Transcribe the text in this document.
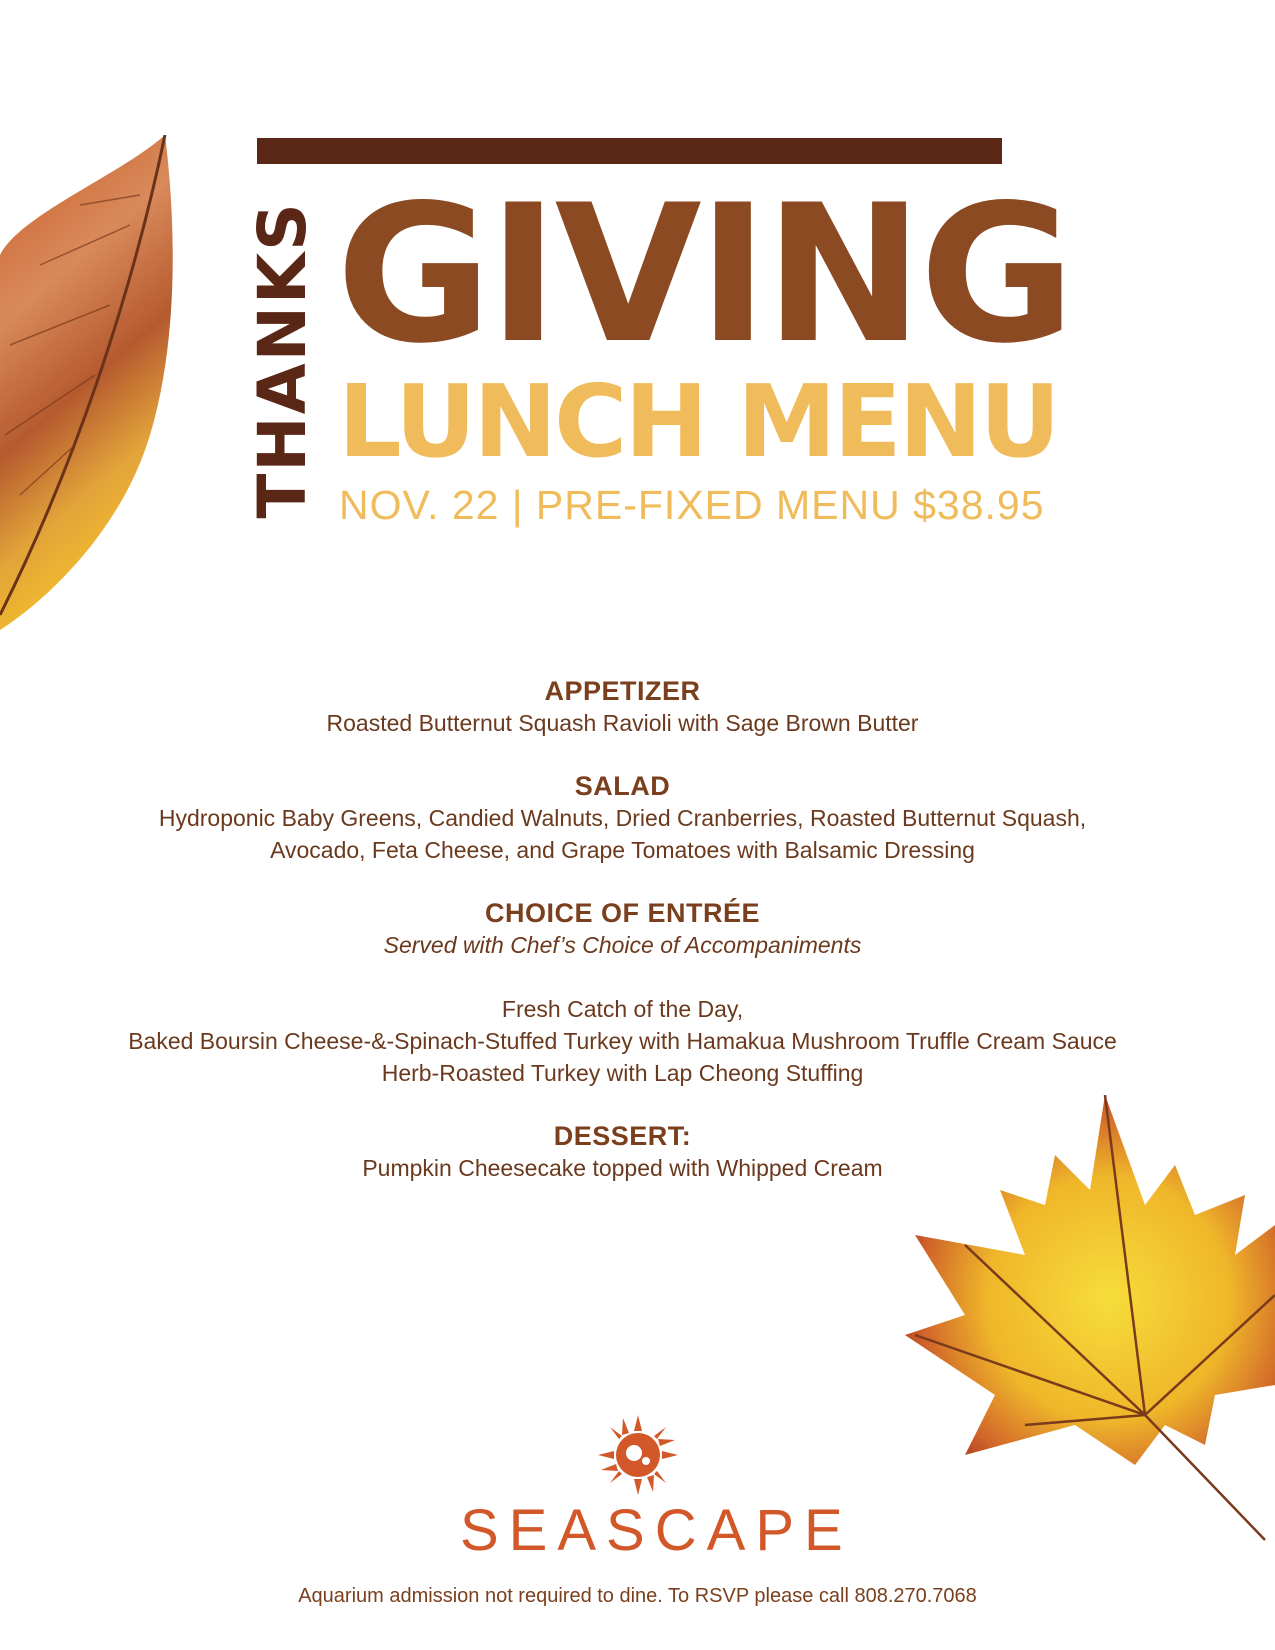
THANKS GIVING
LUNCH MENU
NOV. 22 | PRE-FIXED MENU $38.95
APPETIZER
Roasted Butternut Squash Ravioli with Sage Brown Butter
SALAD
Hydroponic Baby Greens, Candied Walnuts, Dried Cranberries, Roasted Butternut Squash,
Avocado, Feta Cheese, and Grape Tomatoes with Balsamic Dressing
CHOICE OF ENTRÉE
Served with Chef’s Choice of Accompaniments
Fresh Catch of the Day,
Baked Boursin Cheese-&-Spinach-Stuffed Turkey with Hamakua Mushroom Truffle Cream Sauce
Herb-Roasted Turkey with Lap Cheong Stuffing
DESSERT:
Pumpkin Cheesecake topped with Whipped Cream
SEASCAPE
Aquarium admission not required to dine. To RSVP please call 808.270.7068
